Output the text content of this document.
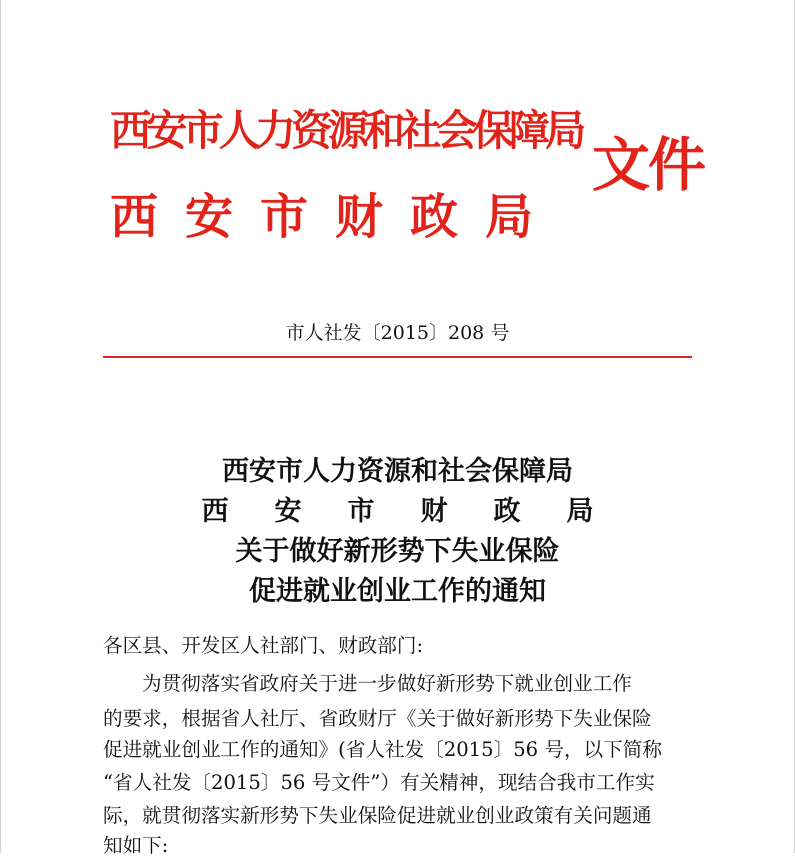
西安市人力资源和社会保障局
西安市财政局
文件
市人社发〔2015〕208 号
西安市人力资源和社会保障局
西安市财政局
关于做好新形势下失业保险
促进就业创业工作的通知
各区县、开发区人社部门、财政部门:
为贯彻落实省政府关于进一步做好新形势下就业创业工作
的要求，根据省人社厅、省政财厅《关于做好新形势下失业保险
促进就业创业工作的通知》(省人社发〔2015〕56 号，以下简称
“省人社发〔2015〕56 号文件”）有关精神，现结合我市工作实
际，就贯彻落实新形势下失业保险促进就业创业政策有关问题通
知如下:
